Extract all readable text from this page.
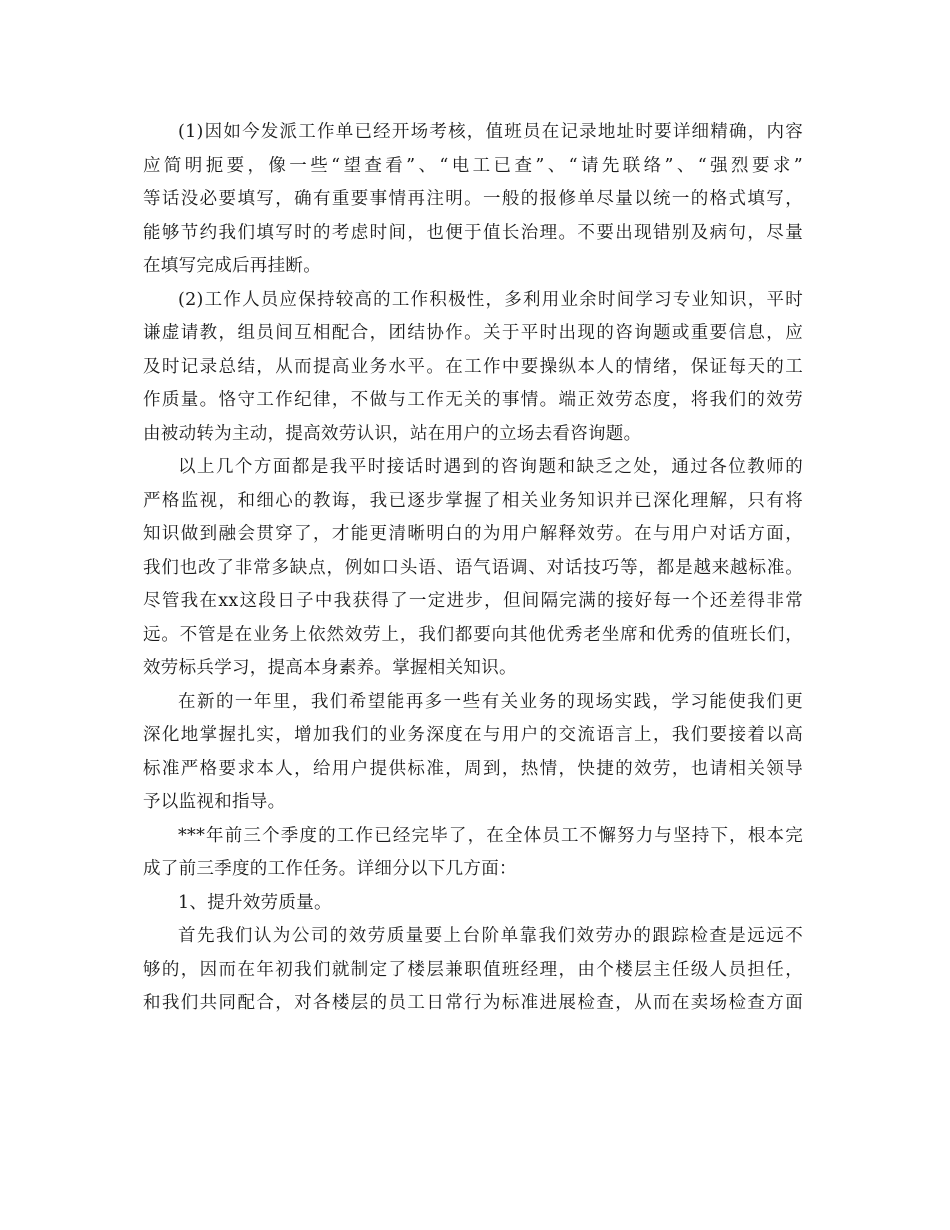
(1)因如今发派工作单已经开场考核，值班员在记录地址时要详细精确，内容
应简明扼要，像一些“望查看”、“电工已查”、“请先联络”、“强烈要求”
等话没必要填写，确有重要事情再注明。一般的报修单尽量以统一的格式填写，
能够节约我们填写时的考虑时间，也便于值长治理。不要出现错别及病句，尽量
在填写完成后再挂断。
(2)工作人员应保持较高的工作积极性，多利用业余时间学习专业知识，平时
谦虚请教，组员间互相配合，团结协作。关于平时出现的咨询题或重要信息，应
及时记录总结，从而提高业务水平。在工作中要操纵本人的情绪，保证每天的工
作质量。恪守工作纪律，不做与工作无关的事情。端正效劳态度，将我们的效劳
由被动转为主动，提高效劳认识，站在用户的立场去看咨询题。
以上几个方面都是我平时接话时遇到的咨询题和缺乏之处，通过各位教师的
严格监视，和细心的教诲，我已逐步掌握了相关业务知识并已深化理解，只有将
知识做到融会贯穿了，才能更清晰明白的为用户解释效劳。在与用户对话方面，
我们也改了非常多缺点，例如口头语、语气语调、对话技巧等，都是越来越标准。
尽管我在xx这段日子中我获得了一定进步，但间隔完满的接好每一个还差得非常
远。不管是在业务上依然效劳上，我们都要向其他优秀老坐席和优秀的值班长们，
效劳标兵学习，提高本身素养。掌握相关知识。
在新的一年里，我们希望能再多一些有关业务的现场实践，学习能使我们更
深化地掌握扎实，增加我们的业务深度在与用户的交流语言上，我们要接着以高
标准严格要求本人，给用户提供标准，周到，热情，快捷的效劳，也请相关领导
予以监视和指导。
***年前三个季度的工作已经完毕了，在全体员工不懈努力与坚持下，根本完
成了前三季度的工作任务。详细分以下几方面：
1、提升效劳质量。
首先我们认为公司的效劳质量要上台阶单靠我们效劳办的跟踪检查是远远不
够的，因而在年初我们就制定了楼层兼职值班经理，由个楼层主任级人员担任，
和我们共同配合，对各楼层的员工日常行为标准进展检查，从而在卖场检查方面
